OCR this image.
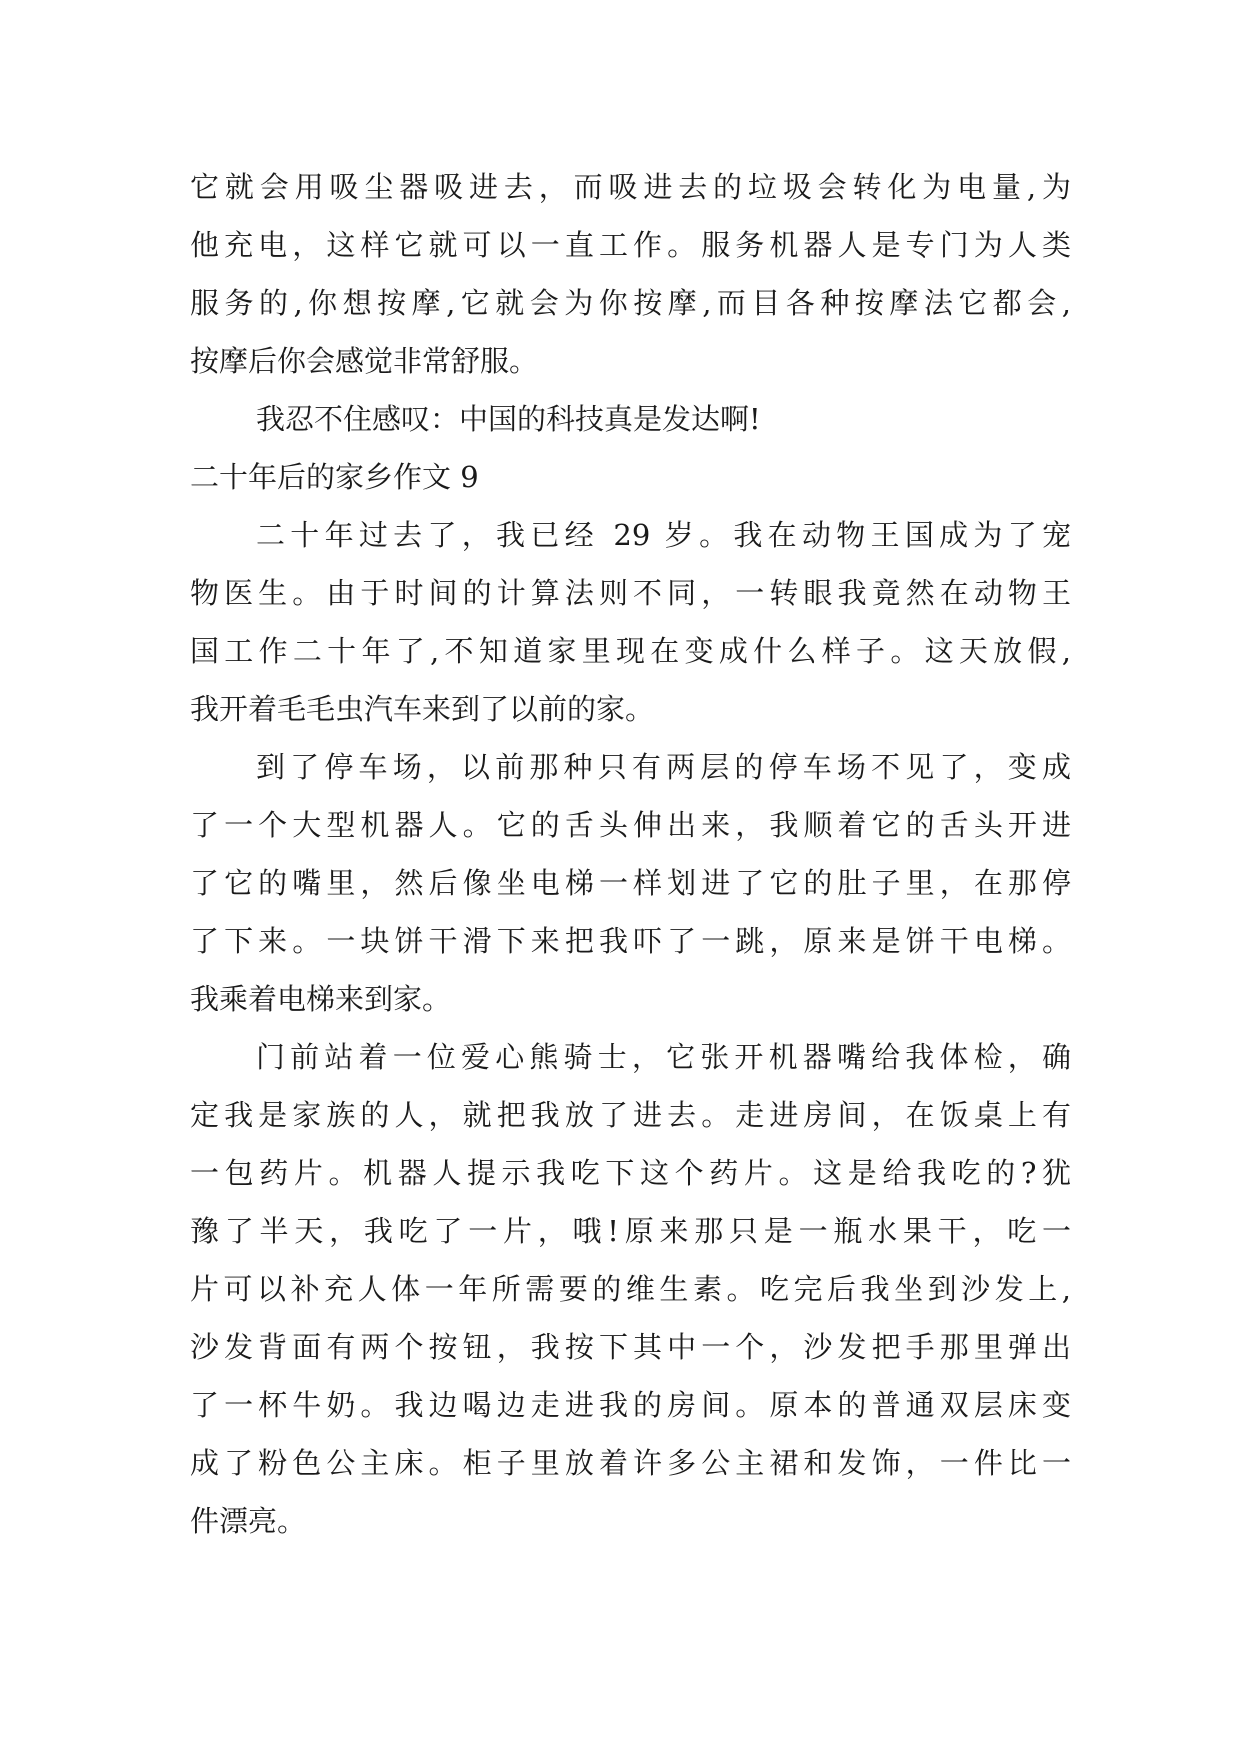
它就会用吸尘器吸进去，而吸进去的垃圾会转化为电量,为
他充电，这样它就可以一直工作。服务机器人是专门为人类
服务的,你想按摩,它就会为你按摩,而目各种按摩法它都会,
按摩后你会感觉非常舒服。
我忍不住感叹：中国的科技真是发达啊!
二十年后的家乡作文 9
二十年过去了，我已经 29 岁。我在动物王国成为了宠
物医生。由于时间的计算法则不同，一转眼我竟然在动物王
国工作二十年了,不知道家里现在变成什么样子。这天放假,
我开着毛毛虫汽车来到了以前的家。
到了停车场，以前那种只有两层的停车场不见了，变成
了一个大型机器人。它的舌头伸出来，我顺着它的舌头开进
了它的嘴里，然后像坐电梯一样划进了它的肚子里，在那停
了下来。一块饼干滑下来把我吓了一跳，原来是饼干电梯。
我乘着电梯来到家。
门前站着一位爱心熊骑士，它张开机器嘴给我体检，确
定我是家族的人，就把我放了进去。走进房间，在饭桌上有
一包药片。机器人提示我吃下这个药片。这是给我吃的?犹
豫了半天，我吃了一片，哦!原来那只是一瓶水果干，吃一
片可以补充人体一年所需要的维生素。吃完后我坐到沙发上,
沙发背面有两个按钮，我按下其中一个，沙发把手那里弹出
了一杯牛奶。我边喝边走进我的房间。原本的普通双层床变
成了粉色公主床。柜子里放着许多公主裙和发饰，一件比一
件漂亮。
